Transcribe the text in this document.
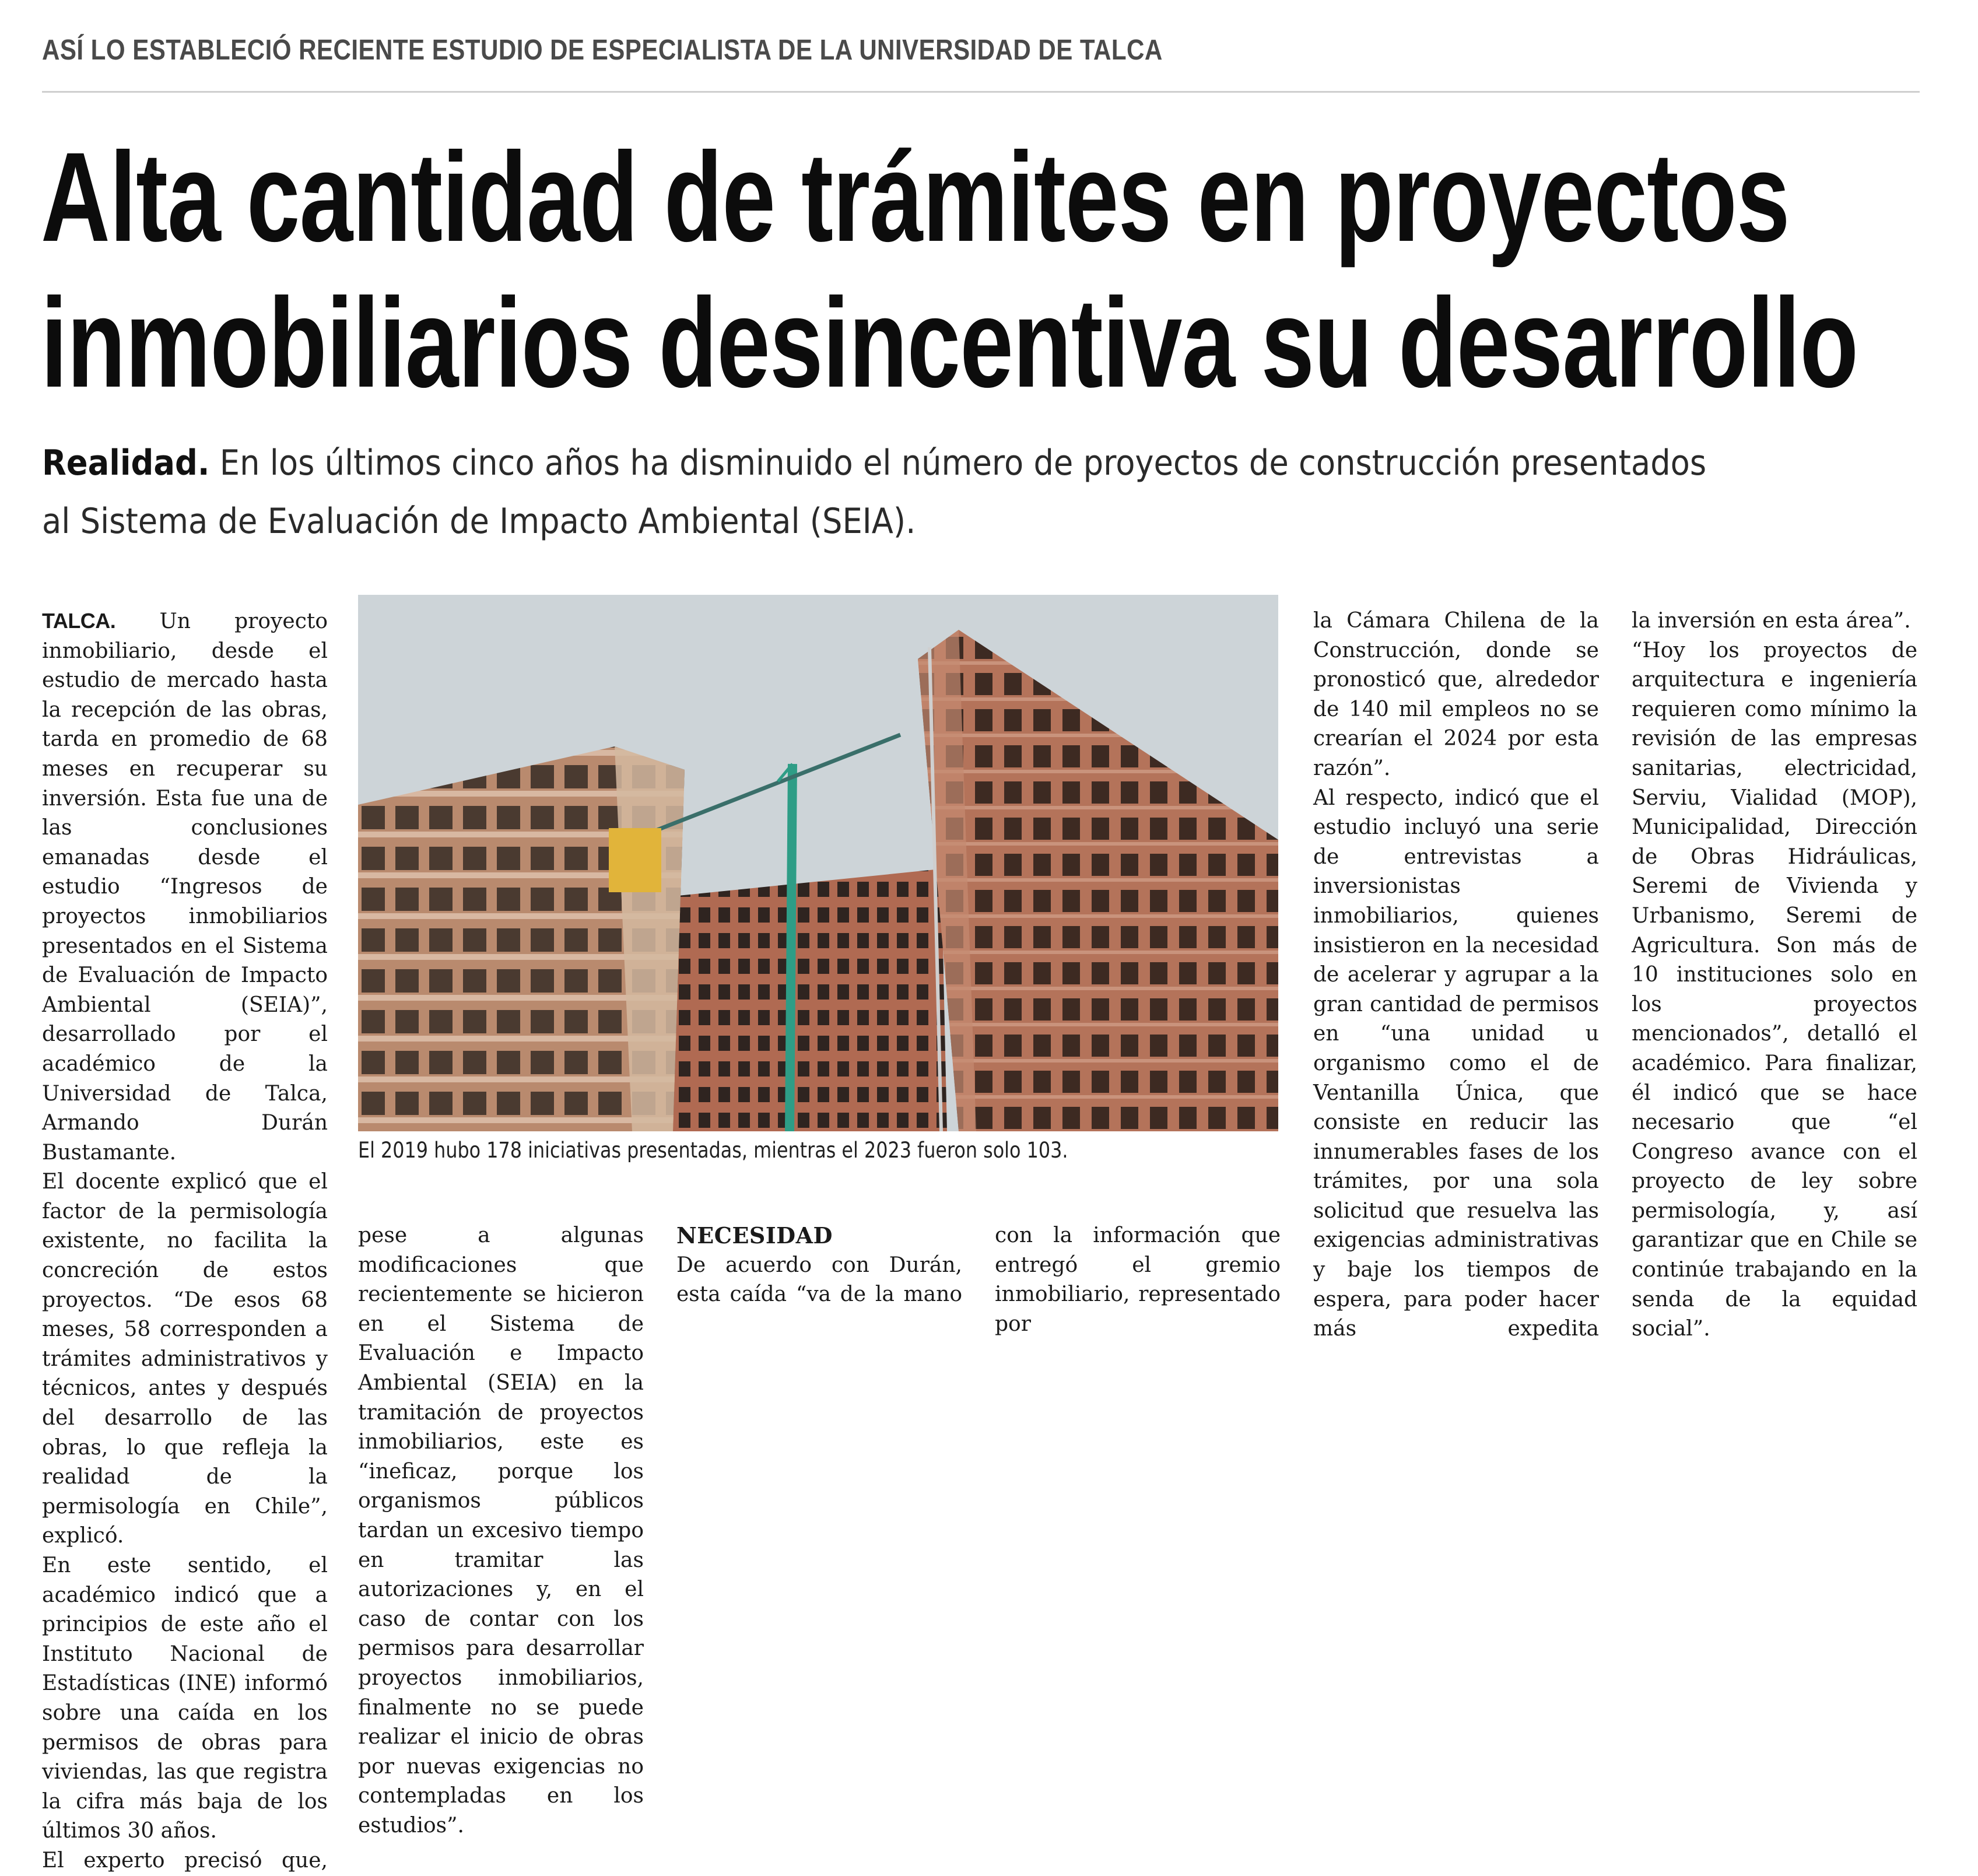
ASÍ LO ESTABLECIÓ RECIENTE ESTUDIO DE ESPECIALISTA DE LA UNIVERSIDAD DE TALCA
Alta cantidad de trámites en proyectos
inmobiliarios desincentiva su desarrollo
Realidad. En los últimos cinco años ha disminuido el número de proyectos de construcción presentados
al Sistema de Evaluación de Impacto Ambiental (SEIA).

TALCA. Un proyecto inmobiliario, desde el estudio de mercado hasta la recepción de las obras, tarda en promedio de 68 meses en recuperar su inversión. Esta fue una de las conclusiones emanadas desde el estudio “Ingresos de proyectos inmobiliarios presentados en el Sistema de Evaluación de Impacto Ambiental (SEIA)”, desarrollado por el académico de la Universidad de Talca, Armando Durán Bustamante.

El docente explicó que el factor de la permisología existente, no facilita la concreción de estos proyectos. “De esos 68 meses, 58 corresponden a trámites administrativos y técnicos, antes y después del desarrollo de las obras, lo que refleja la realidad de la permisología en Chile”, explicó.

En este sentido, el académico indicó que a principios de este año el Instituto Nacional de Estadísticas (INE) informó sobre una caída en los permisos de obras para viviendas, las que registra la cifra más baja de los últimos 30 años.

El experto precisó que,

El 2019 hubo 178 iniciativas presentadas, mientras el 2023 fueron solo 103.

pese a algunas modificaciones que recientemente se hicieron en el Sistema de Evaluación e Impacto Ambiental (SEIA) en la tramitación de proyectos inmobiliarios, este es “ineficaz, porque los organismos públicos tardan un excesivo tiempo en tramitar las autorizaciones y, en el caso de contar con los permisos para desarrollar proyectos inmobiliarios, finalmente no se puede realizar el inicio de obras por nuevas exigencias no contempladas en los estudios”.

NECESIDAD

De acuerdo con Durán, esta caída “va de la mano

con la información que entregó el gremio inmobiliario, representado por

la Cámara Chilena de la Construcción, donde se pronosticó que, alrededor de 140 mil empleos no se crearían el 2024 por esta razón”.

Al respecto, indicó que el estudio incluyó una serie de entrevistas a inversionistas inmobiliarios, quienes insistieron en la necesidad de acelerar y agrupar a la gran cantidad de permisos en “una unidad u organismo como el de Ventanilla Única, que consiste en reducir las innumerables fases de los trámites, por una sola solicitud que resuelva las exigencias administrativas y baje los tiempos de espera, para poder hacer más expedita

la inversión en esta área”.

“Hoy los proyectos de arquitectura e ingeniería requieren como mínimo la revisión de las empresas sanitarias, electricidad, Serviu, Vialidad (MOP), Municipalidad, Dirección de Obras Hidráulicas, Seremi de Vivienda y Urbanismo, Seremi de Agricultura. Son más de 10 instituciones solo en los proyectos mencionados”, detalló el académico. Para finalizar, él indicó que se hace necesario que “el Congreso avance con el proyecto de ley sobre permisología, y, así garantizar que en Chile se continúe trabajando en la senda de la equidad social”.
